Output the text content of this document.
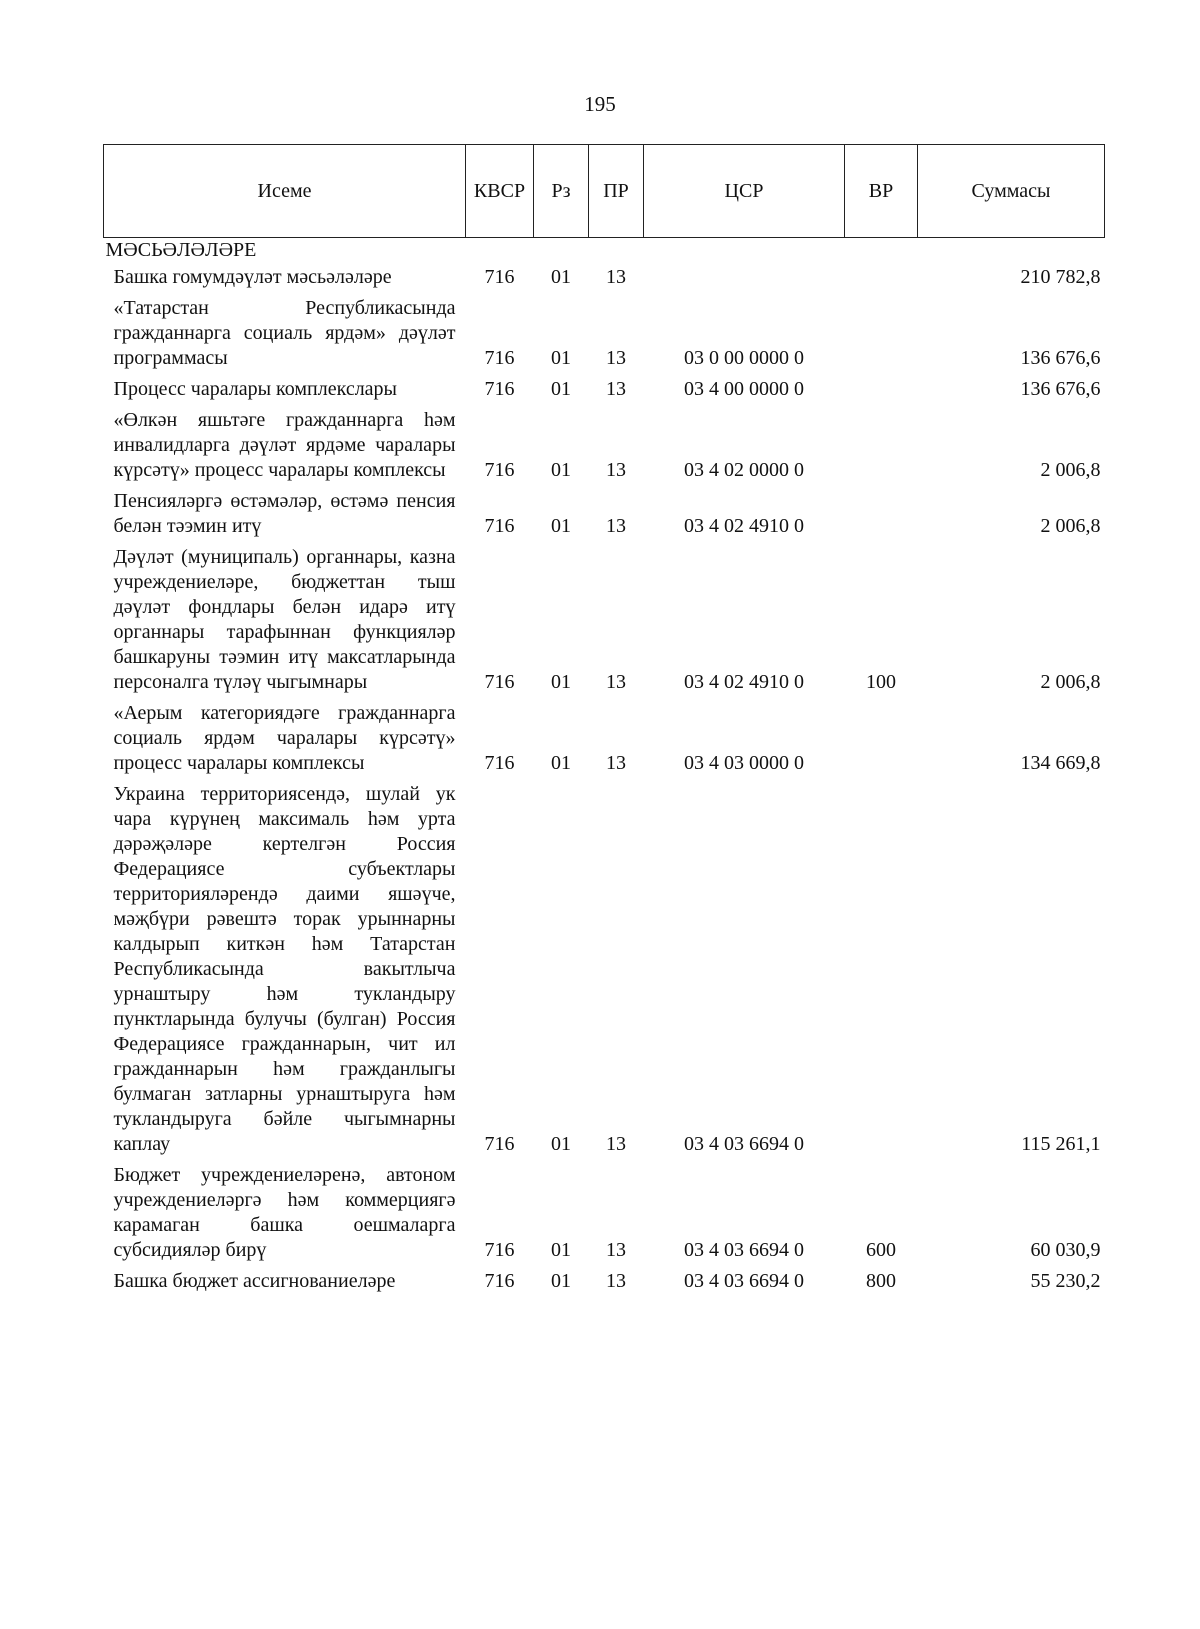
195
Исеме	КВСР	Рз	ПР	ЦСР	ВР	Суммасы
МӘСЬӘЛӘЛӘРЕ						
Башка гомумдәүләт мәсьәләләре	716	01	13			210 782,8
«Татарстан Республикасында гражданнарга социаль ярдәм» дәүләт программасы	716	01	13	03 0 00 0000 0		136 676,6
Процесс чаралары комплекслары	716	01	13	03 4 00 0000 0		136 676,6
«Өлкән яшьтәге гражданнарга һәм инвалидларга дәүләт ярдәме чаралары күрсәтү» процесс чаралары комплексы	716	01	13	03 4 02 0000 0		2 006,8
Пенсияләргә өстәмәләр, өстәмә пенсия белән тәэмин итү	716	01	13	03 4 02 4910 0		2 006,8
Дәүләт (муниципаль) органнары, казна учреждениеләре, бюджеттан тыш дәүләт фондлары белән идарә итү органнары тарафыннан функцияләр башкаруны тәэмин итү максатларында персоналга түләү чыгымнары	716	01	13	03 4 02 4910 0	100	2 006,8
«Аерым категориядәге гражданнарга социаль ярдәм чаралары күрсәтү» процесс чаралары комплексы	716	01	13	03 4 03 0000 0		134 669,8
Украина территориясендә, шулай ук чара күрүнең максималь һәм урта дәрәҗәләре кертелгән Россия Федерациясе субъектлары территорияләрендә даими яшәүче, мәҗбүри рәвештә торак урыннарны калдырып киткән һәм Татарстан Республикасында вакытлыча урнаштыру һәм тукландыру пунктларында булучы (булган) Россия Федерациясе гражданнарын, чит ил гражданнарын һәм гражданлыгы булмаган затларны урнаштыруга һәм тукландыруга бәйле чыгымнарны каплау	716	01	13	03 4 03 6694 0		115 261,1
Бюджет учреждениеләренә, автоном учреждениеләргә һәм коммерциягә карамаган башка оешмаларга субсидияләр бирү	716	01	13	03 4 03 6694 0	600	60 030,9
Башка бюджет ассигнованиеләре	716	01	13	03 4 03 6694 0	800	55 230,2
